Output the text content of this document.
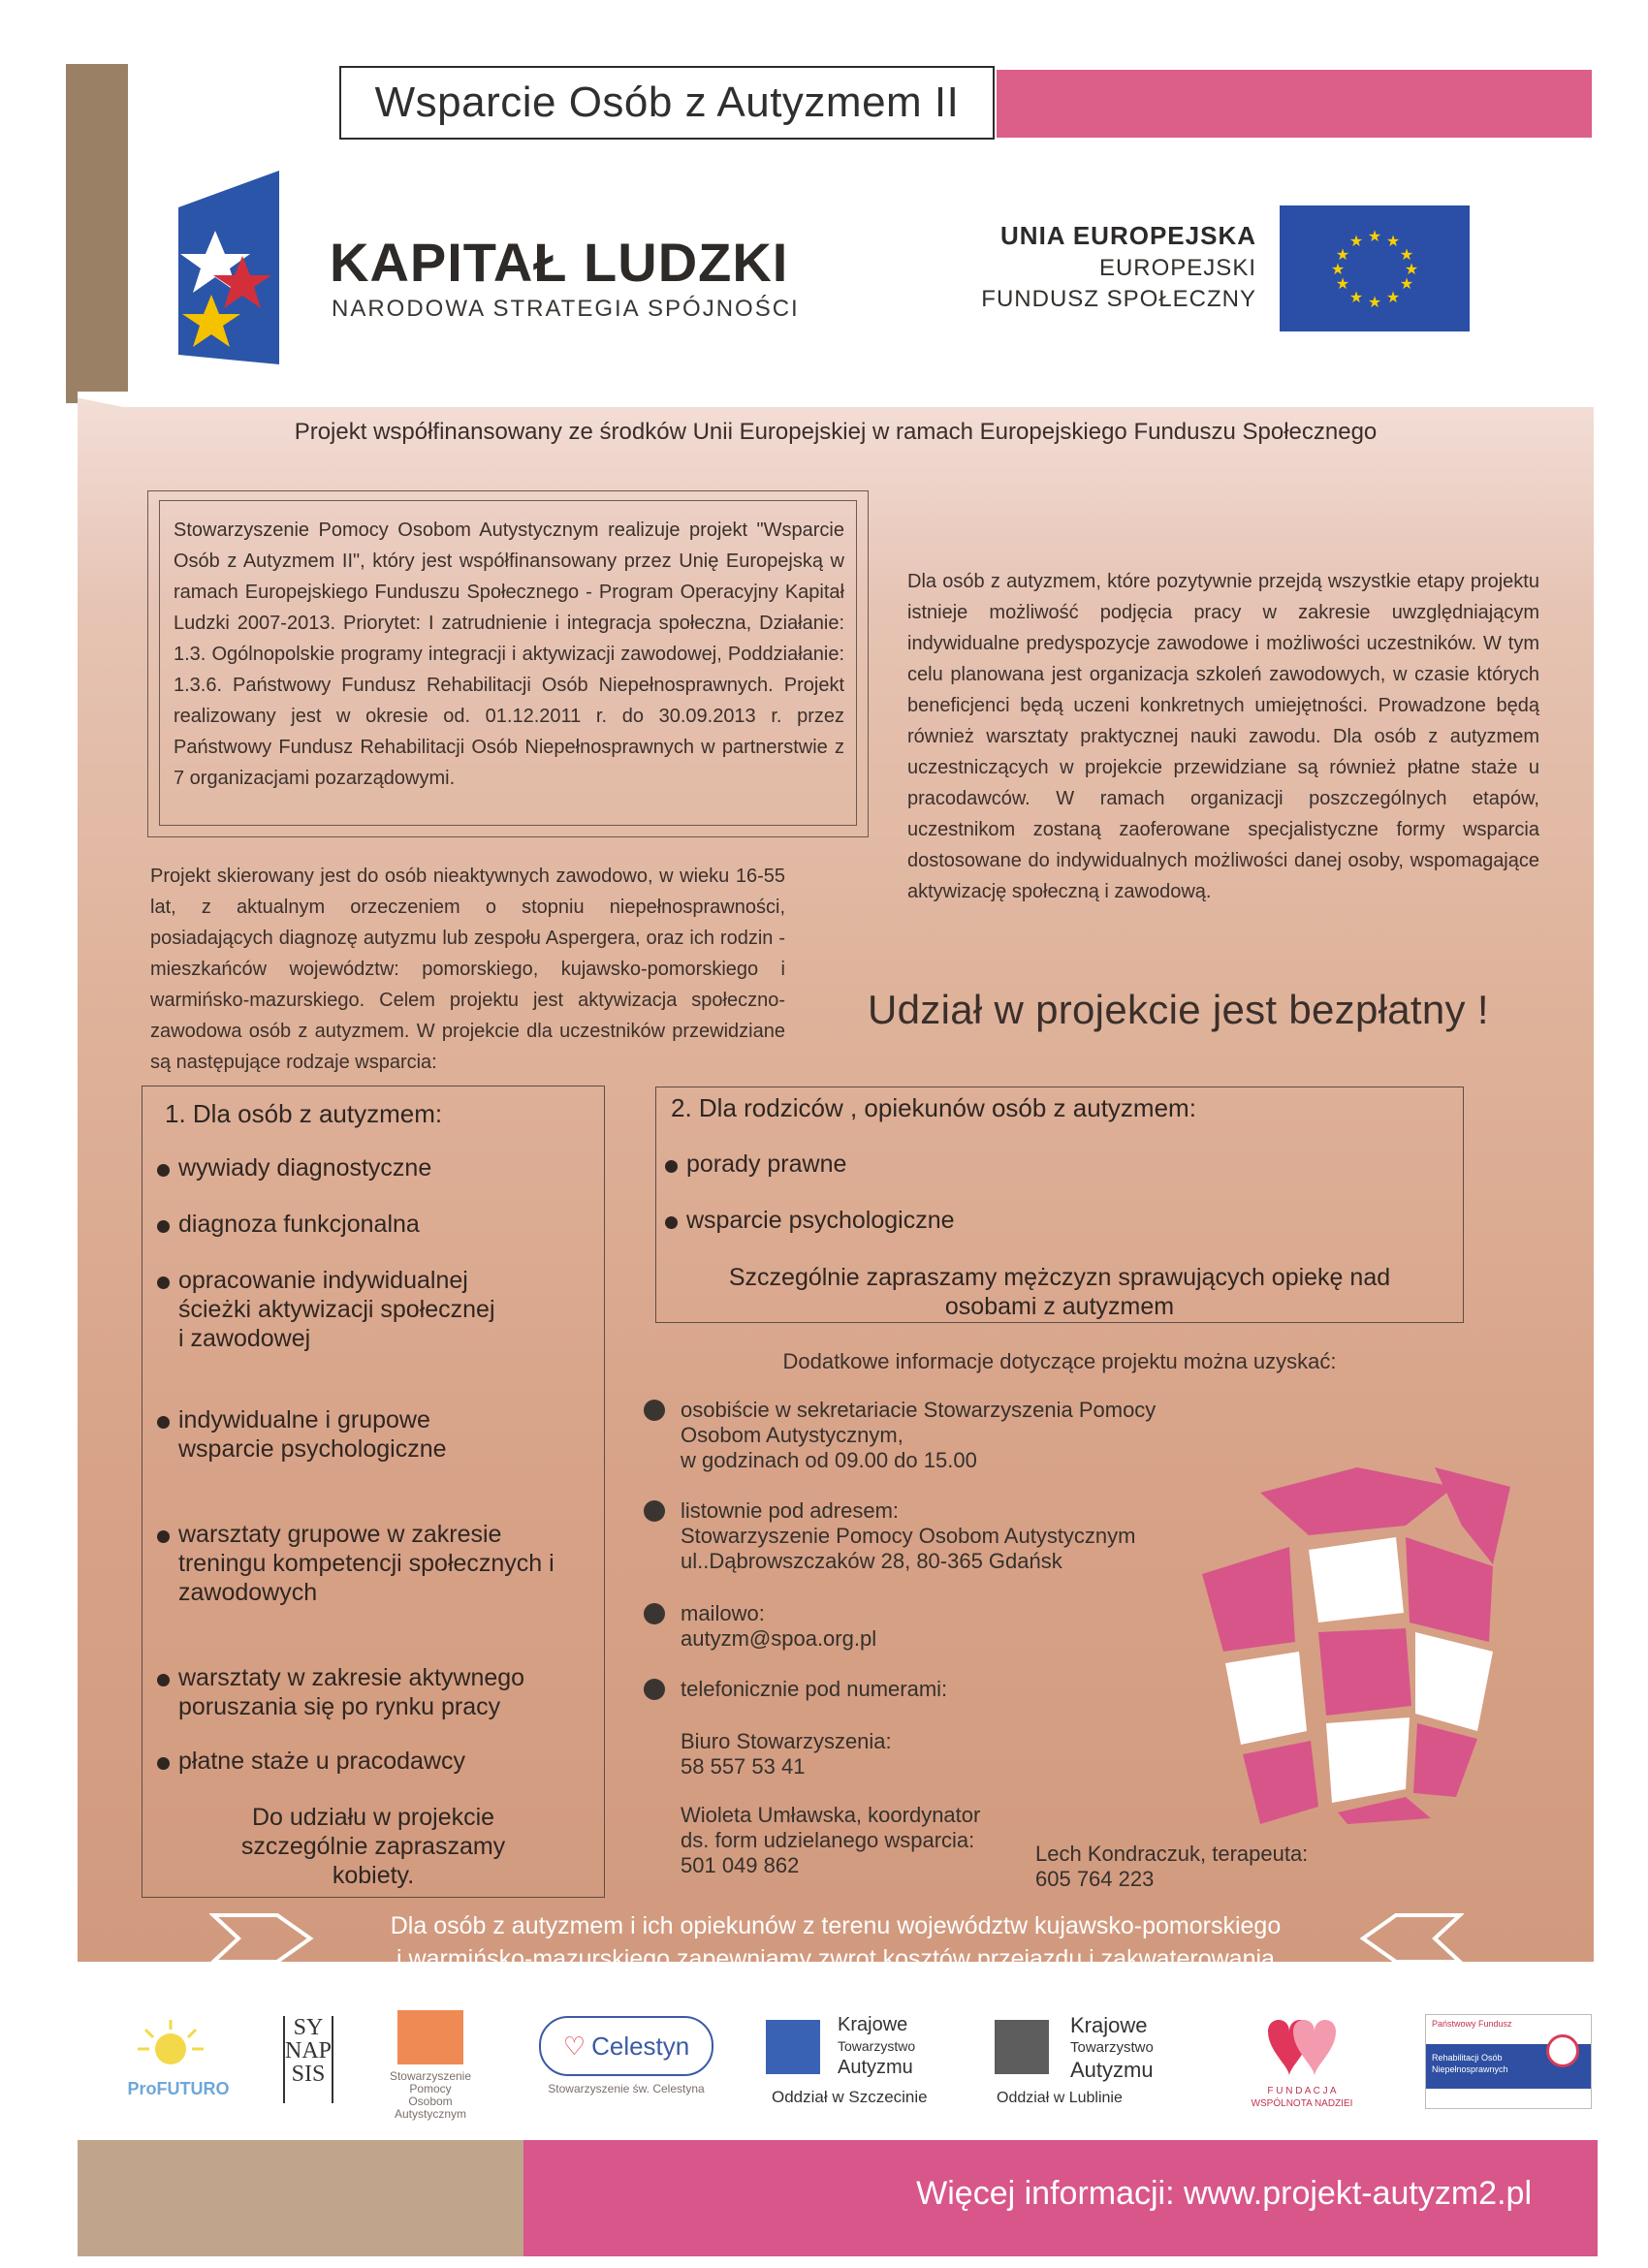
Wsparcie Osób z Autyzmem II
KAPITAŁ LUDZKI
NARODOWA STRATEGIA SPÓJNOŚCI
UNIA EUROPEJSKA
EUROPEJSKI
FUNDUSZ SPOŁECZNY
★ ★
★
★
★
★
★
★
★
★
★
★
Projekt współfinansowany ze środków Unii Europejskiej w ramach Europejskiego Funduszu Społecznego

Stowarzyszenie Pomocy Osobom Autystycznym realizuje projekt "Wsparcie Osób z Autyzmem II", który jest współfinansowany przez Unię Europejską w ramach Europejskiego Funduszu Społecznego - Program Operacyjny Kapitał Ludzki 2007-2013. Priorytet: I zatrudnienie i integracja społeczna, Działanie: 1.3. Ogólnopolskie programy integracji i aktywizacji zawodowej, Poddziałanie: 1.3.6. Państwowy Fundusz Rehabilitacji Osób Niepełnosprawnych. Projekt realizowany jest w okresie od. 01.12.2011 r. do 30.09.2013 r. przez Państwowy Fundusz Rehabilitacji Osób Niepełnosprawnych w partnerstwie z 7 organizacjami pozarządowymi.

Projekt skierowany jest do osób nieaktywnych zawodowo, w wieku 16-55 lat, z aktualnym orzeczeniem o stopniu niepełnosprawności, posiadających diagnozę autyzmu lub zespołu Aspergera, oraz ich rodzin - mieszkańców województw: pomorskiego, kujawsko-pomorskiego i warmińsko-mazurskiego. Celem projektu jest aktywizacja społeczno-zawodowa osób z autyzmem. W projekcie dla uczestników przewidziane są następujące rodzaje wsparcia:

Dla osób z autyzmem, które pozytywnie przejdą wszystkie etapy projektu istnieje możliwość podjęcia pracy w zakresie uwzględniającym indywidualne predyspozycje zawodowe i możliwości uczestników. W tym celu planowana jest organizacja szkoleń zawodowych, w czasie których beneficjenci będą uczeni konkretnych umiejętności. Prowadzone będą również warsztaty praktycznej nauki zawodu. Dla osób z autyzmem uczestniczących w projekcie przewidziane są również płatne staże u pracodawców. W ramach organizacji poszczególnych etapów, uczestnikom zostaną zaoferowane specjalistyczne formy wsparcia dostosowane do indywidualnych możliwości danej osoby, wspomagające aktywizację społeczną i zawodową.

Udział w projekcie jest bezpłatny !
1. Dla osób z autyzmem:
wywiady diagnostyczne
diagnoza funkcjonalna
opracowanie indywidualnej ścieżki aktywizacji społecznej i zawodowej
indywidualne i grupowe wsparcie psychologiczne
warsztaty grupowe w zakresie treningu kompetencji społecznych i zawodowych
warsztaty w zakresie aktywnego poruszania się po rynku pracy
płatne staże u pracodawcy
Do udziału w projekcie
szczególnie zapraszamy
kobiety.
2. Dla rodziców , opiekunów osób z autyzmem:
porady prawne
wsparcie psychologiczne
Szczególnie zapraszamy mężczyzn sprawujących opiekę nad
osobami z autyzmem
Dodatkowe informacje dotyczące projektu można uzyskać:
osobiście w sekretariacie Stowarzyszenia Pomocy
Osobom Autystycznym,
w godzinach od 09.00 do 15.00
listownie pod adresem:
Stowarzyszenie Pomocy Osobom Autystycznym
ul..Dąbrowszczaków 28, 80-365 Gdańsk
mailowo:
autyzm@spoa.org.pl
telefonicznie pod numerami:
Biuro Stowarzyszenia:
58 557 53 41
Wioleta Umławska, koordynator
ds. form udzielanego wsparcia:
501 049 862	Lech Kondraczuk, terapeuta:
605 764 223
Dla osób z autyzmem i ich opiekunów z terenu województw kujawsko-pomorskiego
i warmińsko-mazurskiego zapewniamy zwrot kosztów przejazdu i zakwaterowania
ProFUTURO
SY
NAP
SIS	Stowarzyszenie Pomocy
Osobom Autystycznym
♡ Celestyn
Stowarzyszenie św. Celestyna
Krajowe
Towarzystwo
Autyzmu
Oddział w Szczecinie
Krajowe
Towarzystwo
Autyzmu
Oddział w Lublinie	F U N D A C J A
WSPÓLNOTA NADZIEI
Państwowy Fundusz
Rehabilitacji Osób
Niepełnosprawnych
Więcej informacji: www.projekt-autyzm2.pl
